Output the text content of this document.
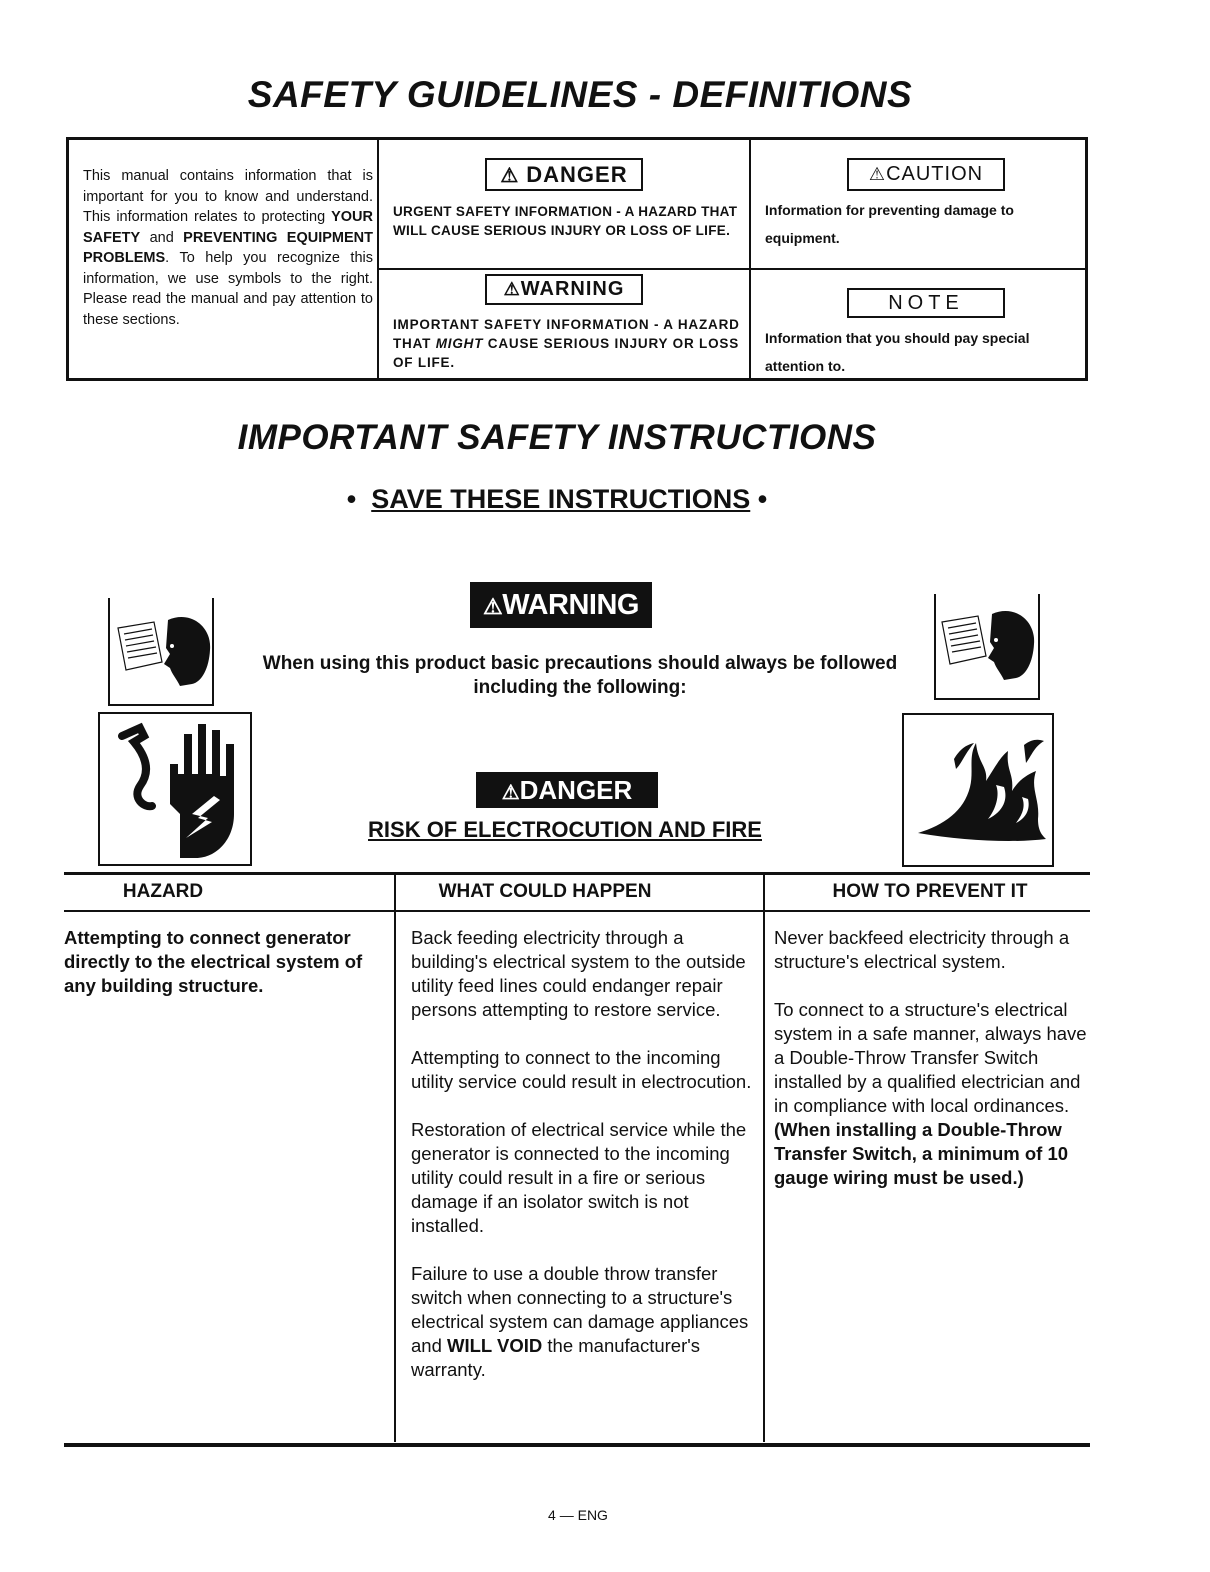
SAFETY GUIDELINES - DEFINITIONS
This manual contains information that is important for you to know and understand. This information relates to protecting YOUR SAFETY and PREVENTING EQUIPMENT PROBLEMS. To help you recognize this information, we use symbols to the right. Please read the manual and pay attention to these sections.
⚠ DANGER
URGENT SAFETY INFORMATION - A HAZARD THAT WILL CAUSE SERIOUS INJURY OR LOSS OF LIFE.
⚠WARNING
IMPORTANT SAFETY INFORMATION - A HAZARD THAT MIGHT CAUSE SERIOUS INJURY OR LOSS OF LIFE.
⚠CAUTION
Information for preventing damage to equipment.
NOTE
Information that you should pay special attention to.
IMPORTANT SAFETY INSTRUCTIONS
• SAVE THESE INSTRUCTIONS •
⚠WARNING
When using this product basic precautions should always be followed
including the following:
⚠DANGER
RISK OF ELECTROCUTION AND FIRE
HAZARD	WHAT COULD HAPPEN	HOW TO PREVENT IT
Attempting to connect generator directly to the electrical system of any building structure.

Back feeding electricity through a building's electrical system to the outside utility feed lines could endanger repair persons attempting to restore service.

Attempting to connect to the incoming utility service could result in electrocution.

Restoration of electrical service while the generator is connected to the incoming utility could result in a fire or serious damage if an isolator switch is not installed.

Failure to use a double throw transfer switch when connecting to a structure's electrical system can damage appliances and WILL VOID the manufacturer's warranty.

Never backfeed electricity through a structure's electrical system.

To connect to a structure's electrical system in a safe manner, always have a Double-Throw Transfer Switch installed by a qualified electrician and in compliance with local ordinances. (When installing a Double-Throw Transfer Switch, a minimum of 10 gauge wiring must be used.)

4 — ENG
